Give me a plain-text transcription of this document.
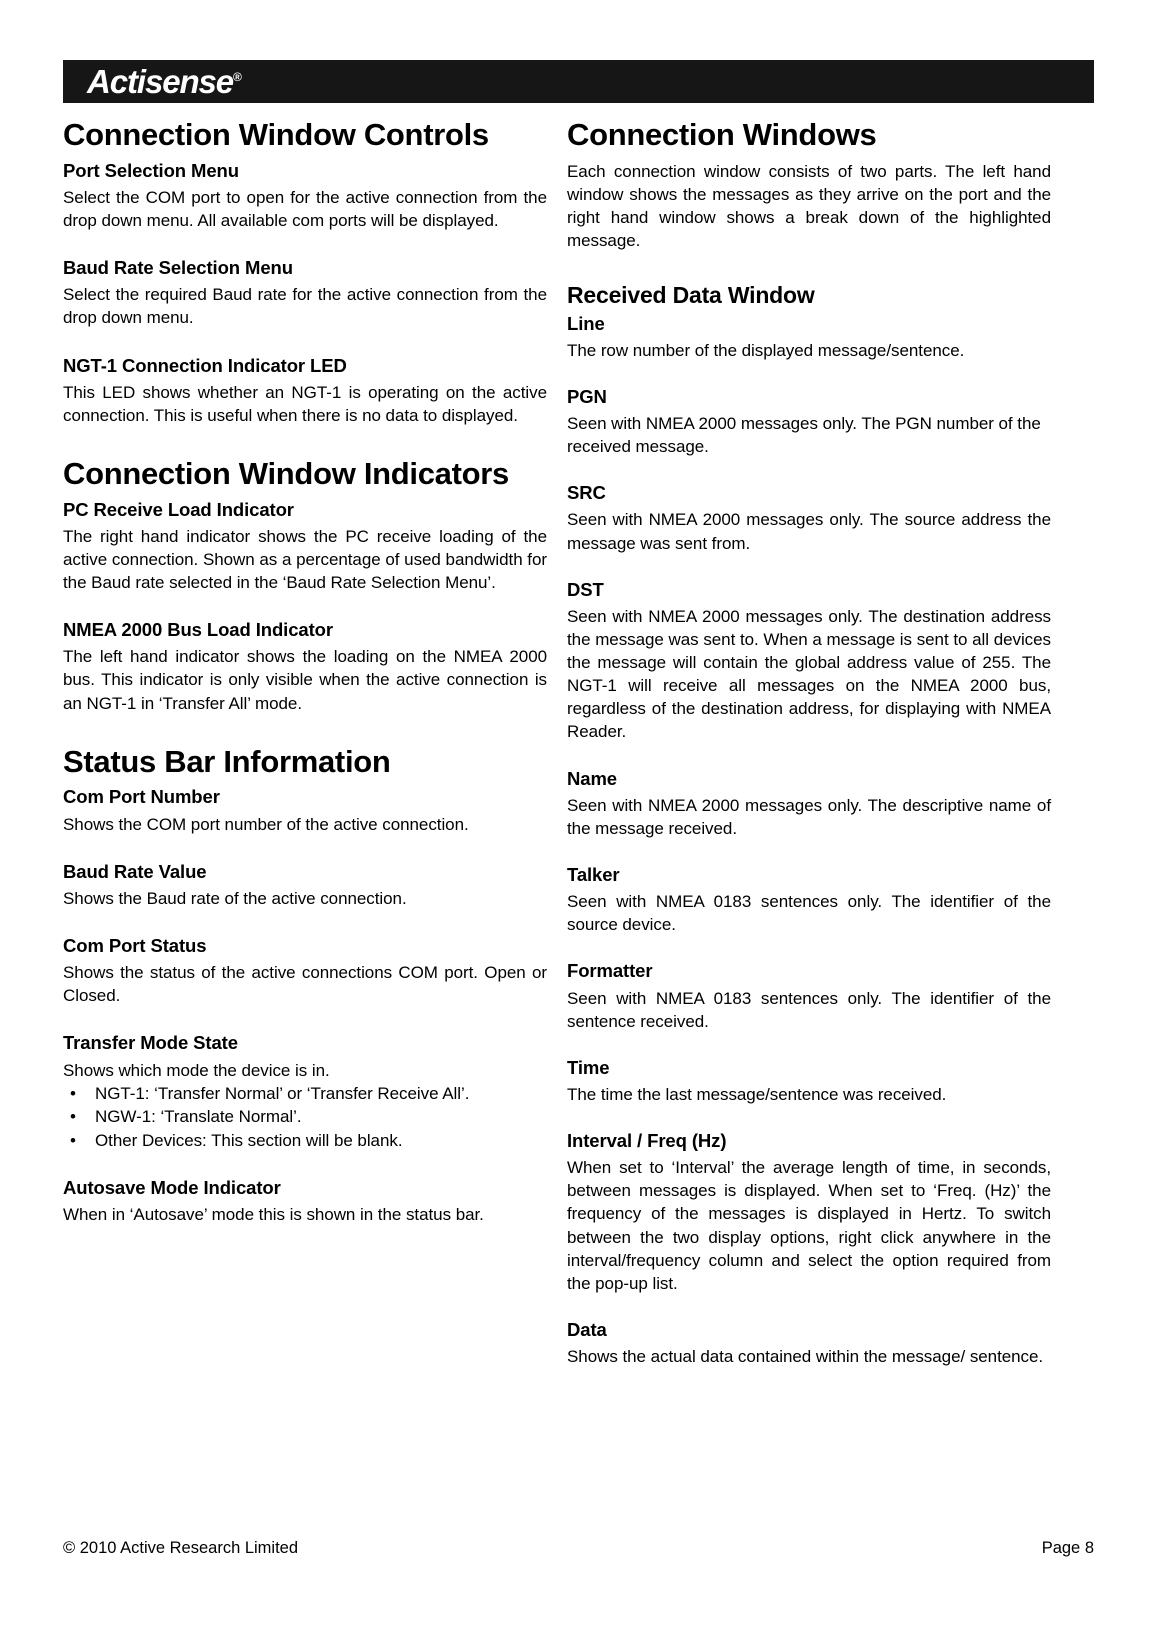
Actisense®
Connection Window Controls
Port Selection Menu

Select the COM port to open for the active connection from the drop down menu. All available com ports will be displayed.

Baud Rate Selection Menu

Select the required Baud rate for the active connection from the drop down menu.

NGT-1 Connection Indicator LED

This LED shows whether an NGT-1 is operating on the active connection. This is useful when there is no data to displayed.

Connection Window Indicators
PC Receive Load Indicator

The right hand indicator shows the PC receive loading of the active connection. Shown as a percentage of used bandwidth for the Baud rate selected in the ‘Baud Rate Selection Menu’.

NMEA 2000 Bus Load Indicator

The left hand indicator shows the loading on the NMEA 2000 bus. This indicator is only visible when the active connection is an NGT-1 in ‘Transfer All’ mode.

Status Bar Information
Com Port Number

Shows the COM port number of the active connection.

Baud Rate Value

Shows the Baud rate of the active connection.

Com Port Status

Shows the status of the active connections COM port. Open or Closed.

Transfer Mode State

Shows which mode the device is in.

• NGT-1: ‘Transfer Normal’ or ‘Transfer Receive All’.
• NGW-1: ‘Translate Normal’.
• Other Devices: This section will be blank.
Autosave Mode Indicator

When in ‘Autosave’ mode this is shown in the status bar.

Connection Windows

Each connection window consists of two parts. The left hand window shows the messages as they arrive on the port and the right hand window shows a break down of the highlighted message.

Received Data Window
Line

The row number of the displayed message/sentence.

PGN

Seen with NMEA 2000 messages only. The PGN number of the received message.

SRC

Seen with NMEA 2000 messages only. The source address the message was sent from.

DST

Seen with NMEA 2000 messages only. The destination address the message was sent to. When a message is sent to all devices the message will contain the global address value of 255. The NGT-1 will receive all messages on the NMEA 2000 bus, regardless of the destination address, for displaying with NMEA Reader.

Name

Seen with NMEA 2000 messages only. The descriptive name of the message received.

Talker

Seen with NMEA 0183 sentences only. The identifier of the source device.

Formatter

Seen with NMEA 0183 sentences only. The identifier of the sentence received.

Time

The time the last message/sentence was received.

Interval / Freq (Hz)

When set to ‘Interval’ the average length of time, in seconds, between messages is displayed. When set to ‘Freq. (Hz)’ the frequency of the messages is displayed in Hertz. To switch between the two display options, right click anywhere in the interval/frequency column and select the option required from the pop-up list.

Data

Shows the actual data contained within the message/ sentence.

© 2010 Active Research Limited	Page 8
